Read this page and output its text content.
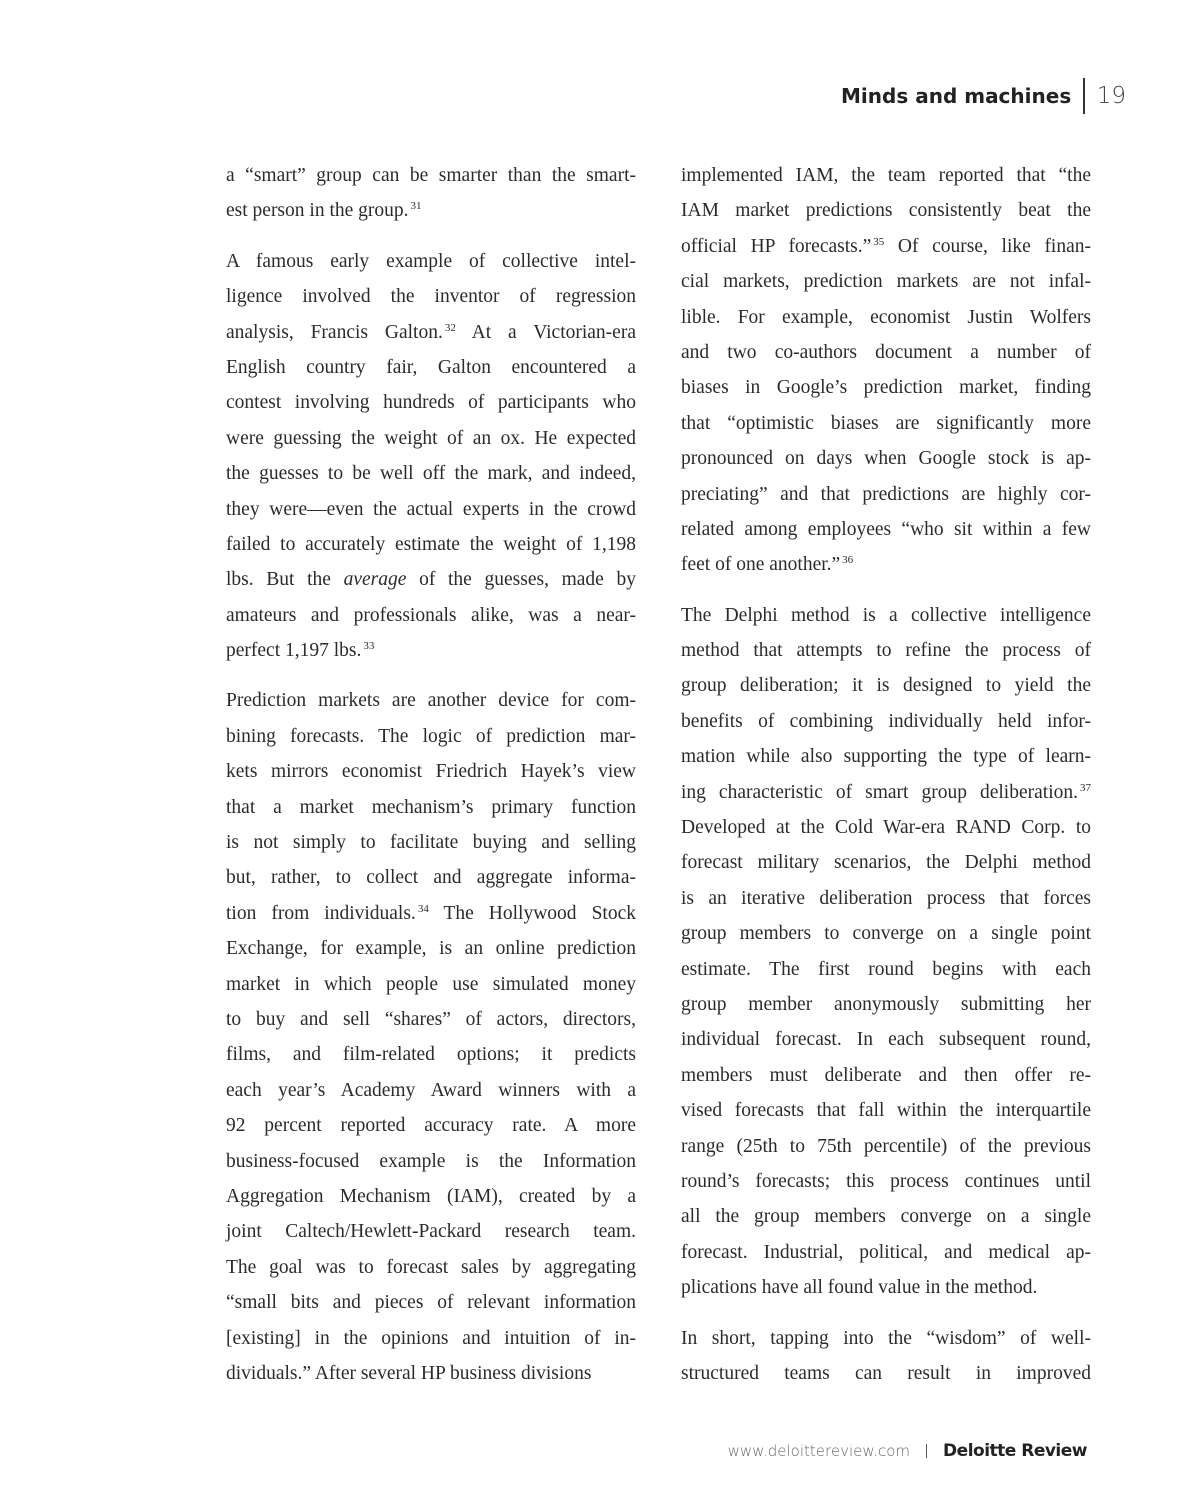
Minds and machines	19
a “smart” group can be smarter than the smart-
est person in the group. $^{31}$
A famous early example of collective intel-
ligence involved the inventor of regression
analysis, Francis Galton. $^{32}$ At a Victorian-era
English country fair, Galton encountered a
contest involving hundreds of participants who
were guessing the weight of an ox. He expected
the guesses to be well off the mark, and indeed,
they were—even the actual experts in the crowd
failed to accurately estimate the weight of 1,198
lbs. But the average of the guesses, made by
amateurs and professionals alike, was a near-
perfect 1,197 lbs. $^{33}$
Prediction markets are another device for com-
bining forecasts. The logic of prediction mar-
kets mirrors economist Friedrich Hayek’s view
that a market mechanism’s primary function
is not simply to facilitate buying and selling
but, rather, to collect and aggregate informa-
tion from individuals. $^{34}$ The Hollywood Stock
Exchange, for example, is an online prediction
market in which people use simulated money
to buy and sell “shares” of actors, directors,
films, and film-related options; it predicts
each year’s Academy Award winners with a
92 percent reported accuracy rate. A more
business-focused example is the Information
Aggregation Mechanism (IAM), created by a
joint Caltech/Hewlett-Packard research team.
The goal was to forecast sales by aggregating
“small bits and pieces of relevant information
[existing] in the opinions and intuition of in-
dividuals.” After several HP business divisions
implemented IAM, the team reported that “the
IAM market predictions consistently beat the
official HP forecasts.” $^{35}$ Of course, like finan-
cial markets, prediction markets are not infal-
lible. For example, economist Justin Wolfers
and two co-authors document a number of
biases in Google’s prediction market, finding
that “optimistic biases are significantly more
pronounced on days when Google stock is ap-
preciating” and that predictions are highly cor-
related among employees “who sit within a few
feet of one another.” $^{36}$
The Delphi method is a collective intelligence
method that attempts to refine the process of
group deliberation; it is designed to yield the
benefits of combining individually held infor-
mation while also supporting the type of learn-
ing characteristic of smart group deliberation. $^{37}$
Developed at the Cold War-era RAND Corp. to
forecast military scenarios, the Delphi method
is an iterative deliberation process that forces
group members to converge on a single point
estimate. The first round begins with each
group member anonymously submitting her
individual forecast. In each subsequent round,
members must deliberate and then offer re-
vised forecasts that fall within the interquartile
range (25th to 75th percentile) of the previous
round’s forecasts; this process continues until
all the group members converge on a single
forecast. Industrial, political, and medical ap-
plications have all found value in the method.
In short, tapping into the “wisdom” of well-
structured teams can result in improved
www.deloittereview.com Deloitte Review
